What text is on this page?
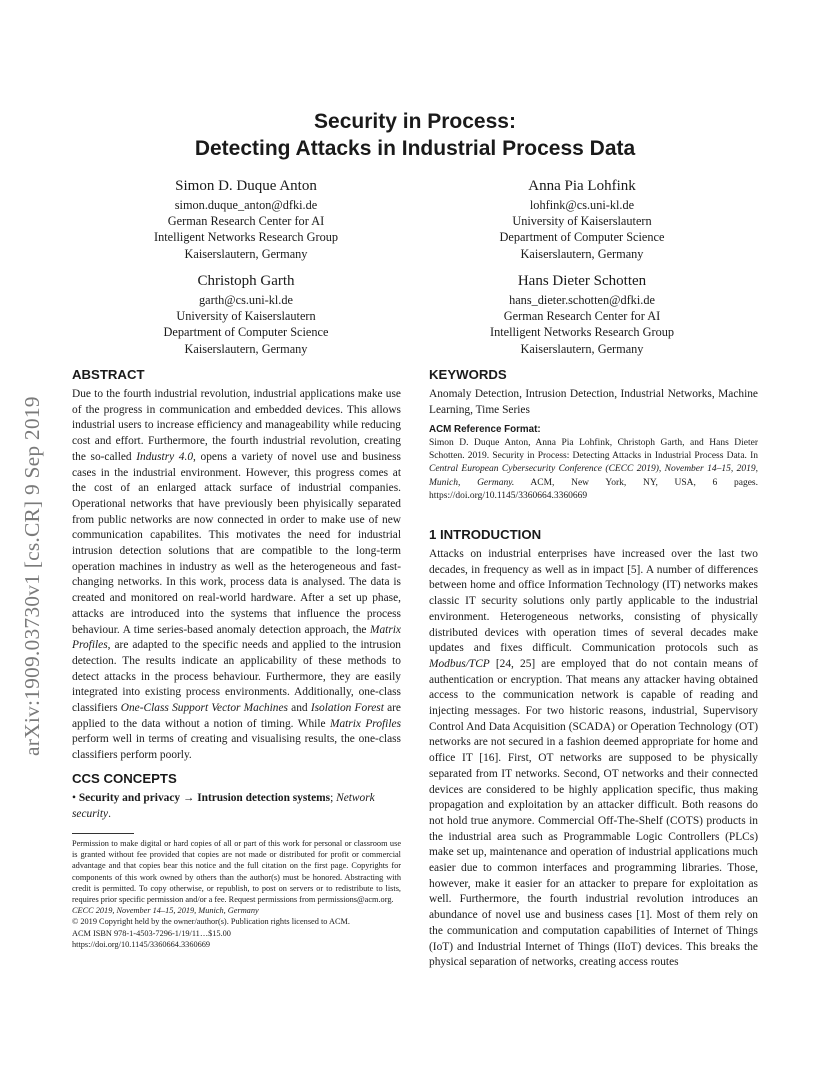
arXiv:1909.03730v1 [cs.CR] 9 Sep 2019
Security in Process:
Detecting Attacks in Industrial Process Data
Simon D. Duque Anton
simon.duque_anton@dfki.de
German Research Center for AI
Intelligent Networks Research Group
Kaiserslautern, Germany
Anna Pia Lohfink
lohfink@cs.uni-kl.de
University of Kaiserslautern
Department of Computer Science
Kaiserslautern, Germany
Christoph Garth
garth@cs.uni-kl.de
University of Kaiserslautern
Department of Computer Science
Kaiserslautern, Germany
Hans Dieter Schotten
hans_dieter.schotten@dfki.de
German Research Center for AI
Intelligent Networks Research Group
Kaiserslautern, Germany
ABSTRACT

Due to the fourth industrial revolution, industrial applications make use of the progress in communication and embedded devices. This allows industrial users to increase efficiency and manageability while reducing cost and effort. Furthermore, the fourth industrial revolution, creating the so-called Industry 4.0, opens a variety of novel use and business cases in the industrial environment. However, this progress comes at the cost of an enlarged attack surface of industrial companies. Operational networks that have previously been phyisically separated from public networks are now connected in order to make use of new communication capabilites. This motivates the need for industrial intrusion detection solutions that are compatible to the long-term operation machines in industry as well as the heterogeneous and fast-changing networks. In this work, process data is analysed. The data is created and monitored on real-world hardware. After a set up phase, attacks are introduced into the systems that influence the process behaviour. A time series-based anomaly detection approach, the Matrix Profiles, are adapted to the specific needs and applied to the intrusion detection. The results indicate an applicability of these methods to detect attacks in the process behaviour. Furthermore, they are easily integrated into existing process environments. Additionally, one-class classifiers One-Class Support Vector Machines and Isolation Forest are applied to the data without a notion of timing. While Matrix Profiles perform well in terms of creating and visualising results, the one-class classifiers perform poorly.

CCS CONCEPTS

• Security and privacy → Intrusion detection systems; Network security.

Permission to make digital or hard copies of all or part of this work for personal or classroom use is granted without fee provided that copies are not made or distributed for profit or commercial advantage and that copies bear this notice and the full citation on the first page. Copyrights for components of this work owned by others than the author(s) must be honored. Abstracting with credit is permitted. To copy otherwise, or republish, to post on servers or to redistribute to lists, requires prior specific permission and/or a fee. Request permissions from permissions@acm.org.

CECC 2019, November 14–15, 2019, Munich, Germany

© 2019 Copyright held by the owner/author(s). Publication rights licensed to ACM.

ACM ISBN 978-1-4503-7296-1/19/11…$15.00

https://doi.org/10.1145/3360664.3360669

KEYWORDS

Anomaly Detection, Intrusion Detection, Industrial Networks, Machine Learning, Time Series

ACM Reference Format:

Simon D. Duque Anton, Anna Pia Lohfink, Christoph Garth, and Hans Dieter Schotten. 2019. Security in Process: Detecting Attacks in Industrial Process Data. In Central European Cybersecurity Conference (CECC 2019), November 14–15, 2019, Munich, Germany. ACM, New York, NY, USA, 6 pages. https://doi.org/10.1145/3360664.3360669

1 INTRODUCTION

Attacks on industrial enterprises have increased over the last two decades, in frequency as well as in impact [5]. A number of differences between home and office Information Technology (IT) networks makes classic IT security solutions only partly applicable to the industrial environment. Heterogeneous networks, consisting of physically distributed devices with operation times of several decades make updates and fixes difficult. Communication protocols such as Modbus/TCP [24, 25] are employed that do not contain means of authentication or encryption. That means any attacker having obtained access to the communication network is capable of reading and injecting messages. For two historic reasons, industrial, Supervisory Control And Data Acquisition (SCADA) or Operation Technology (OT) networks are not secured in a fashion deemed appropriate for home and office IT [16]. First, OT networks are supposed to be physically separated from IT networks. Second, OT networks and their connected devices are considered to be highly application specific, thus making propagation and exploitation by an attacker difficult. Both reasons do not hold true anymore. Commercial Off-The-Shelf (COTS) products in the industrial area such as Programmable Logic Controllers (PLCs) make set up, maintenance and operation of industrial applications much easier due to common interfaces and programming libraries. Those, however, make it easier for an attacker to prepare for exploitation as well. Furthermore, the fourth industrial revolution introduces an abundance of novel use and business cases [1]. Most of them rely on the communication and computation capabilities of Internet of Things (IoT) and Industrial Internet of Things (IIoT) devices. This breaks the physical separation of networks, creating access routes
